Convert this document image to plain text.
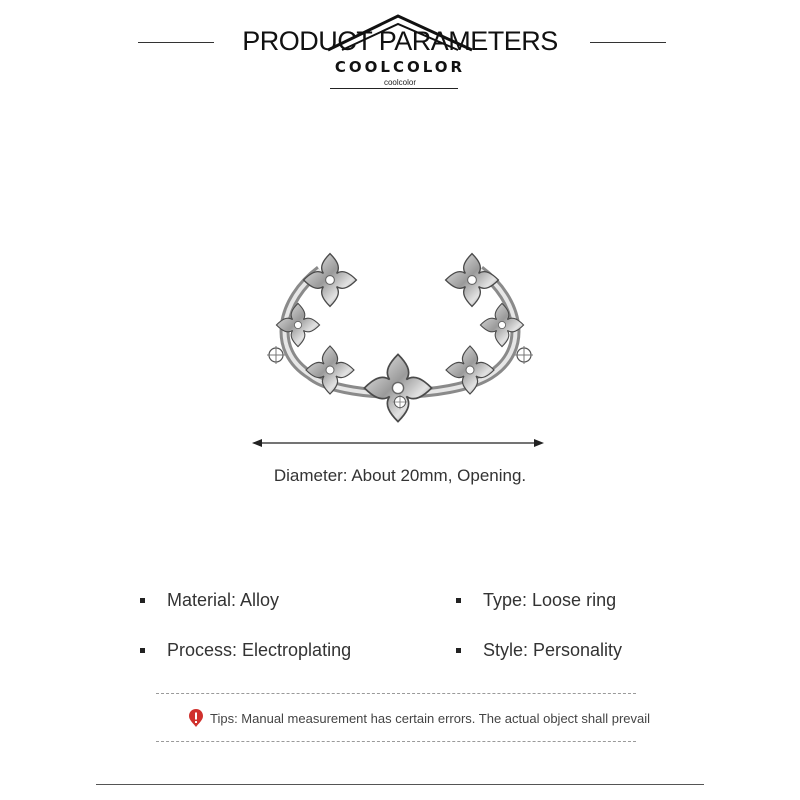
PRODUCT PARAMETERS
COOLCOLOR
coolcolor
Diameter: About 20mm, Opening.
Material: Alloy	Type: Loose ring
Process: Electroplating	Style: Personality
Tips: Manual measurement has certain errors. The actual object shall prevail
